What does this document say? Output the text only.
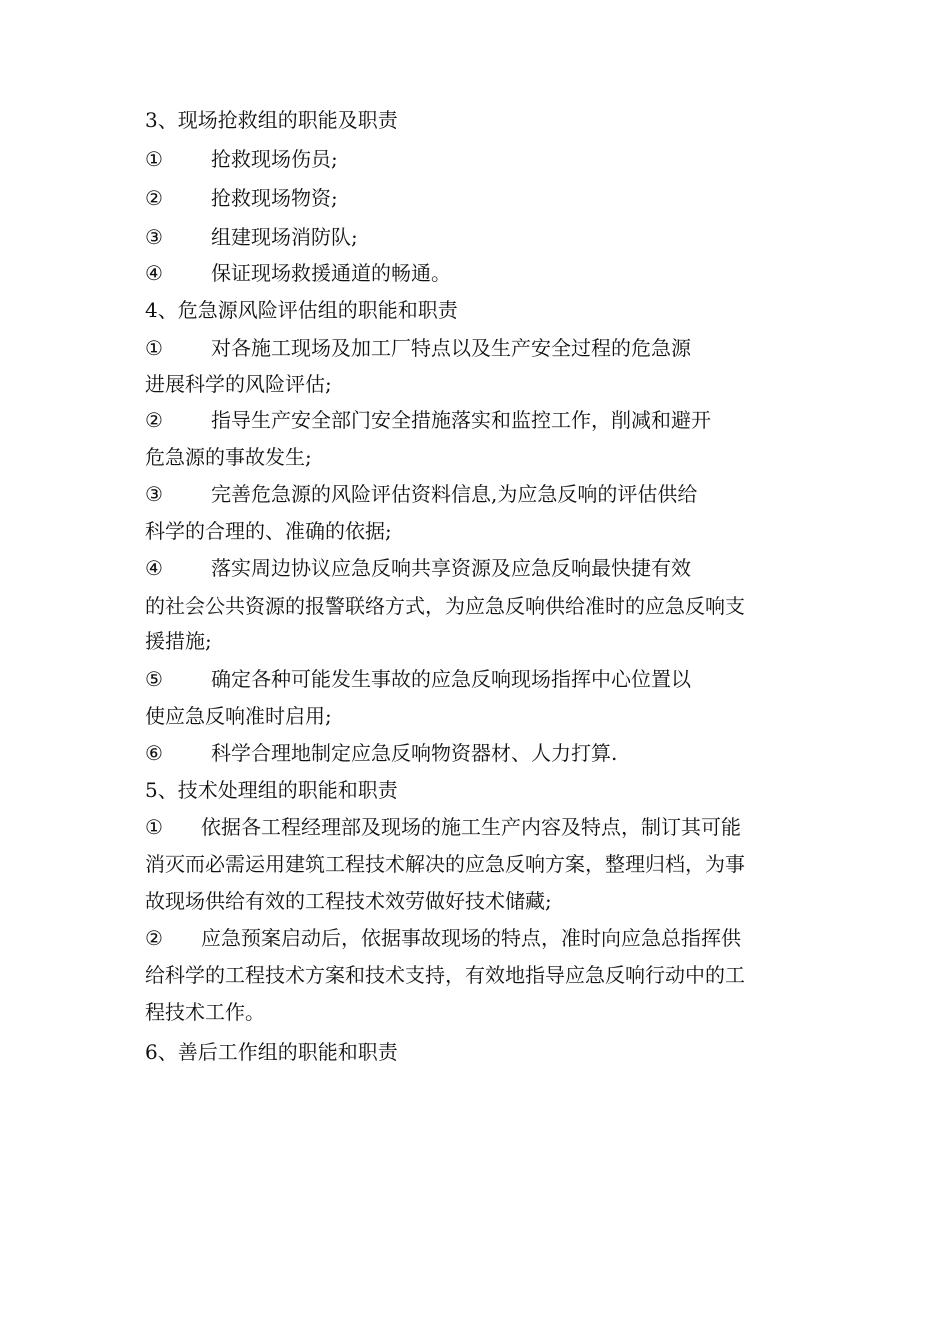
3、现场抢救组的职能及职责
① 抢救现场伤员;
② 抢救现场物资;
③ 组建现场消防队;
④ 保证现场救援通道的畅通。
4、危急源风险评估组的职能和职责
① 对各施工现场及加工厂特点以及生产安全过程的危急源
进展科学的风险评估;
② 指导生产安全部门安全措施落实和监控工作，削减和避开
危急源的事故发生;
③ 完善危急源的风险评估资料信息,为应急反响的评估供给
科学的合理的、准确的依据;
④ 落实周边协议应急反响共享资源及应急反响最快捷有效
的社会公共资源的报警联络方式，为应急反响供给准时的应急反响支
援措施;
⑤ 确定各种可能发生事故的应急反响现场指挥中心位置以
使应急反响准时启用;
⑥ 科学合理地制定应急反响物资器材、人力打算.
5、技术处理组的职能和职责
① 依据各工程经理部及现场的施工生产内容及特点，制订其可能
消灭而必需运用建筑工程技术解决的应急反响方案，整理归档，为事
故现场供给有效的工程技术效劳做好技术储藏;
② 应急预案启动后，依据事故现场的特点，准时向应急总指挥供
给科学的工程技术方案和技术支持，有效地指导应急反响行动中的工
程技术工作。
6、善后工作组的职能和职责
